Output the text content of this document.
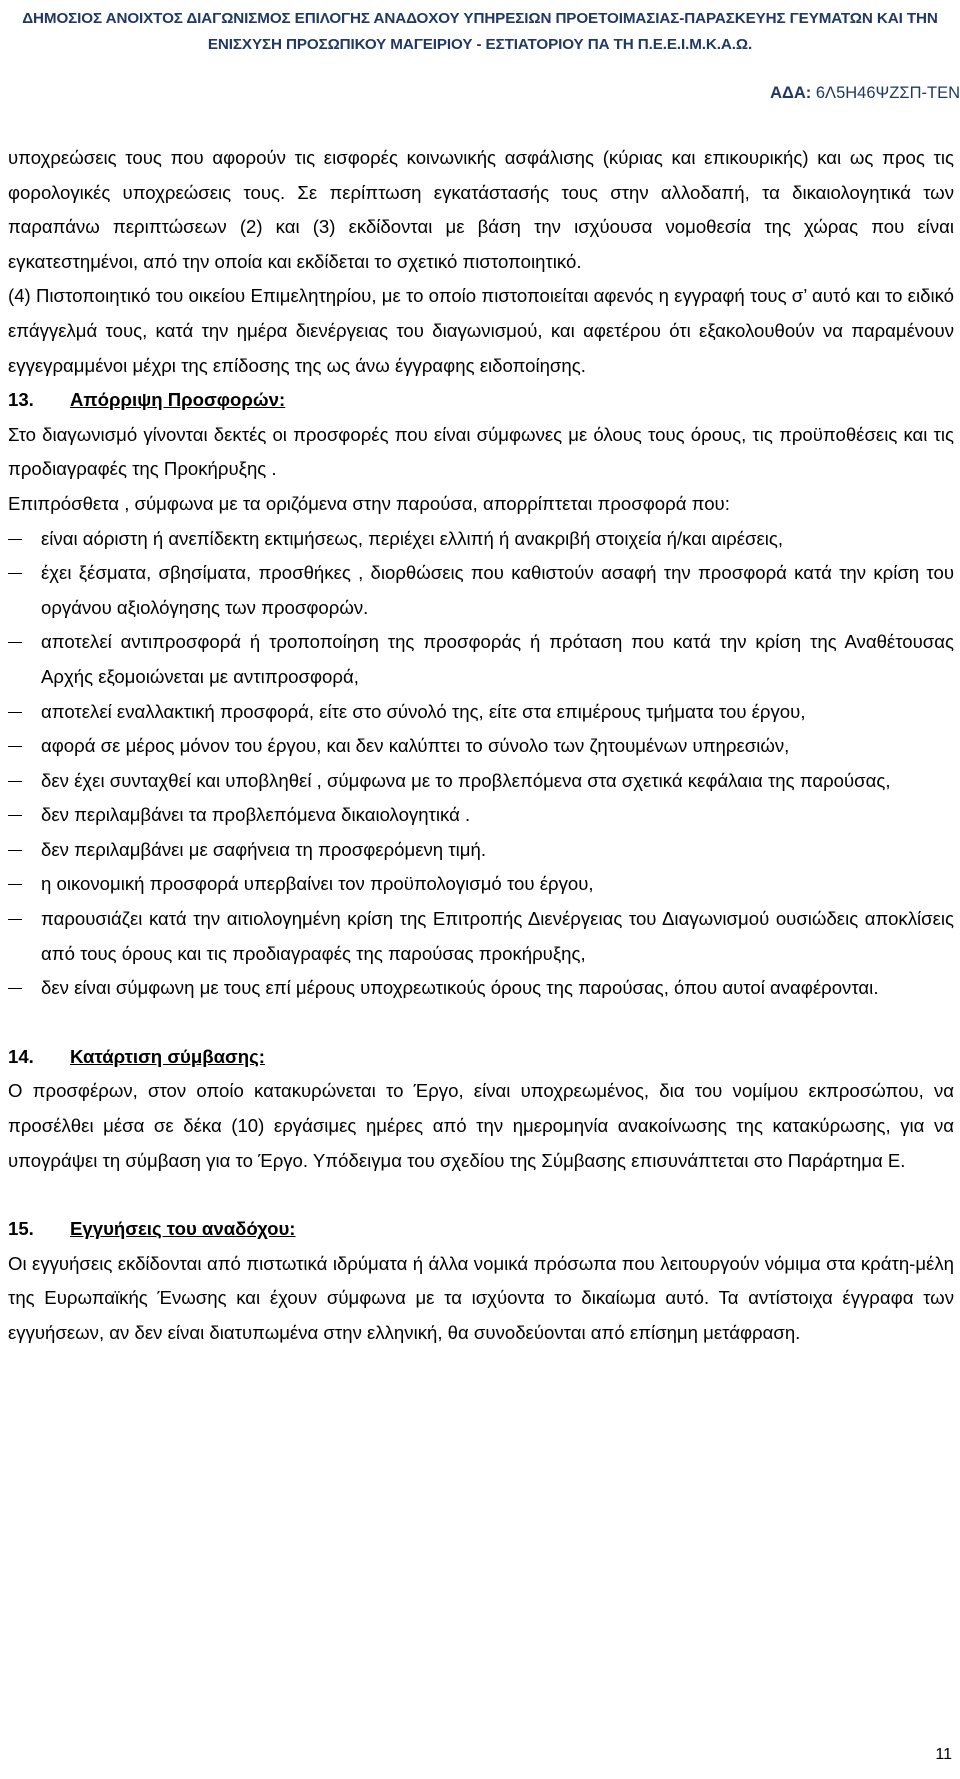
ΔΗΜΟΣΙΟΣ ΑΝΟΙΧΤΟΣ ΔΙΑΓΩΝΙΣΜΟΣ ΕΠΙΛΟΓΗΣ ΑΝΑΔΟΧΟΥ ΥΠΗΡΕΣΙΩΝ ΠΡΟΕΤΟΙΜΑΣΙΑΣ-ΠΑΡΑΣΚΕΥΗΣ ΓΕΥΜΑΤΩΝ ΚΑΙ ΤΗΝ
ΕΝΙΣΧΥΣΗ ΠΡΟΣΩΠΙΚΟΥ ΜΑΓΕΙΡΙΟΥ - ΕΣΤΙΑΤΟΡΙΟΥ ΠΑ ΤΗ Π.Ε.Ε.Ι.Μ.Κ.Α.Ω.
ΑΔΑ: 6Λ5Η46ΨΖΣΠ-ΤΕΝ

υποχρεώσεις τους που αφορούν τις εισφορές κοινωνικής ασφάλισης (κύριας και επικουρικής) και ως προς τις φορολογικές υποχρεώσεις τους. Σε περίπτωση εγκατάστασής τους στην αλλοδαπή, τα δικαιολογητικά των παραπάνω περιπτώσεων (2) και (3) εκδίδονται με βάση την ισχύουσα νομοθεσία της χώρας που είναι εγκατεστημένοι, από την οποία και εκδίδεται το σχετικό πιστοποιητικό.

(4) Πιστοποιητικό του οικείου Επιμελητηρίου, με το οποίο πιστοποιείται αφενός η εγγραφή τους σ’ αυτό και το ειδικό επάγγελμά τους, κατά την ημέρα διενέργειας του διαγωνισμού, και αφετέρου ότι εξακολουθούν να παραμένουν εγγεγραμμένοι μέχρι της επίδοσης της ως άνω έγγραφης ειδοποίησης.

13. Απόρριψη Προσφορών:

Στο διαγωνισμό γίνονται δεκτές οι προσφορές που είναι σύμφωνες με όλους τους όρους, τις προϋποθέσεις και τις προδιαγραφές της Προκήρυξης .

Επιπρόσθετα , σύμφωνα με τα οριζόμενα στην παρούσα, απορρίπτεται προσφορά που:

είναι αόριστη ή ανεπίδεκτη εκτιμήσεως, περιέχει ελλιπή ή ανακριβή στοιχεία ή/και αιρέσεις,
έχει ξέσματα, σβησίματα, προσθήκες , διορθώσεις που καθιστούν ασαφή την προσφορά κατά την κρίση του οργάνου αξιολόγησης των προσφορών.
αποτελεί αντιπροσφορά ή τροποποίηση της προσφοράς ή πρόταση που κατά την κρίση της Αναθέτουσας Αρχής εξομοιώνεται με αντιπροσφορά,
αποτελεί εναλλακτική προσφορά, είτε στο σύνολό της, είτε στα επιμέρους τμήματα του έργου,
αφορά σε μέρος μόνον του έργου, και δεν καλύπτει το σύνολο των ζητουμένων υπηρεσιών,
δεν έχει συνταχθεί και υποβληθεί , σύμφωνα με το προβλεπόμενα στα σχετικά κεφάλαια της παρούσας,
δεν περιλαμβάνει τα προβλεπόμενα δικαιολογητικά .
δεν περιλαμβάνει με σαφήνεια τη προσφερόμενη τιμή.
η οικονομική προσφορά υπερβαίνει τον προϋπολογισμό του έργου,
παρουσιάζει κατά την αιτιολογημένη κρίση της Επιτροπής Διενέργειας του Διαγωνισμού ουσιώδεις αποκλίσεις από τους όρους και τις προδιαγραφές της παρούσας προκήρυξης,
δεν είναι σύμφωνη με τους επί μέρους υποχρεωτικούς όρους της παρούσας, όπου αυτοί αναφέρονται.

14. Κατάρτιση σύμβασης:

Ο προσφέρων, στον οποίο κατακυρώνεται το Έργο, είναι υποχρεωμένος, δια του νομίμου εκπροσώπου, να προσέλθει μέσα σε δέκα (10) εργάσιμες ημέρες από την ημερομηνία ανακοίνωσης της κατακύρωσης, για να υπογράψει τη σύμβαση για το Έργο. Υπόδειγμα του σχεδίου της Σύμβασης επισυνάπτεται στο Παράρτημα Ε.

15. Εγγυήσεις του αναδόχου:

Οι εγγυήσεις εκδίδονται από πιστωτικά ιδρύματα ή άλλα νομικά πρόσωπα που λειτουργούν νόμιμα στα κράτη-μέλη της Ευρωπαϊκής Ένωσης και έχουν σύμφωνα με τα ισχύοντα το δικαίωμα αυτό. Τα αντίστοιχα έγγραφα των εγγυήσεων, αν δεν είναι διατυπωμένα στην ελληνική, θα συνοδεύονται από επίσημη μετάφραση.

11
